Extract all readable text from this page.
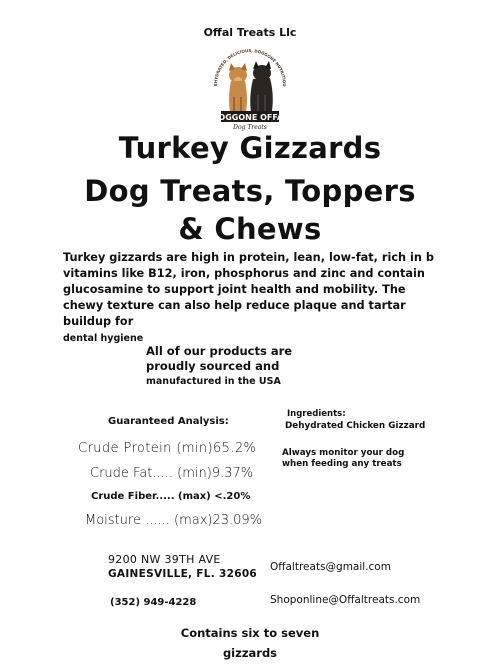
Offal Treats Llc
EHYDRATED, DELICIOUS, DOGGONE NUTRITIOU
DOGGONE OFFAL
Dog Treats
Turkey Gizzards
Dog Treats, Toppers
& Chews
Turkey gizzards are high in protein, lean, low-fat, rich in b vitamins like B12, iron, phosphorus and zinc and contain glucosamine to support joint health and mobility. The chewy texture can also help reduce plaque and tartar buildup for
dental hygiene
All of our products are
proudly sourced and
manufactured in the USA
Guaranteed Analysis:
Crude Protein (min)65.2%
Crude Fat..... (min)9.37%
Crude Fiber..... (max) <.20%
Moisture ...... (max)23.09%
Ingredients:
Dehydrated Chicken Gizzard
Always monitor your dog when feeding any treats
9200 NW 39TH AVE
GAINESVILLE, FL. 32606
(352) 949-4228
Offaltreats@gmail.com
Shoponline@Offaltreats.com
Contains six to seven
gizzards
